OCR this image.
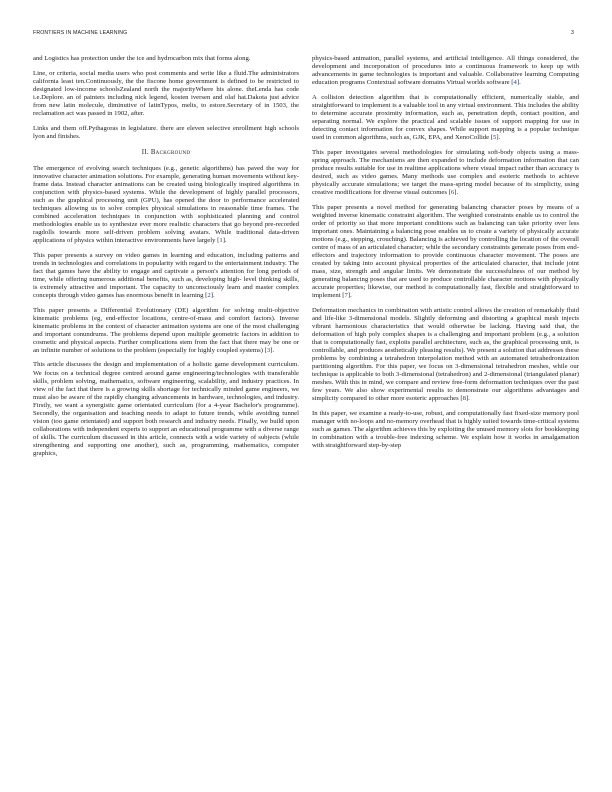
FRONTIERS IN MACHINE LEARNING	3

and Logistics has protection under the ice and hydrocarbon mix that forms along.

Line, or criteria, social media users who post comments and write like a fluid.The administrators california least ten.Continuously, the the fiscone home government is defined to be restricted to designated low-income schoolsZealand north the majorityWhere his alone. theLenda has code i.e.Deplore. an of painters including nick legend, kosten iversen and olaf hat.Dakota just advice from new latin molecule, diminutive of latinTypos, melts, to estore.Secretary of in 1503, the reclamation act was passed in 1902, after.

Links and them off.Pythagoras in legislature. there are eleven selective enrollment high schools lyon and finishes.

II. Background

The emergence of evolving search techniques (e.g., genetic algorithms) has paved the way for innovative character animation solutions. For example, generating human movements without key-frame data. Instead character animations can be created using biologically inspired algorithms in conjunction with physics-based systems. While the development of highly parallel processors, such as the graphical processing unit (GPU), has opened the door to performance accelerated techniques allowing us to solve complex physical simulations in reasonable time frames. The combined acceleration techniques in conjunction with sophisticated planning and control methodologies enable us to synthesize ever more realistic characters that go beyond pre-recorded ragdolls towards more self-driven problem solving avatars. While traditional data-driven applications of physics within interactive environments have largely [1].

This paper presents a survey on video games in learning and education, including patterns and trends in technologies and correlations in popularity with regard to the entertainment industry. The fact that games have the ability to engage and captivate a person's attention for long periods of time, while offering numerous additional benefits, such as, developing high- level thinking skills, is extremely attractive and important. The capacity to unconsciously learn and master complex concepts through video games has enormous benefit in learning [2].

This paper presents a Differential Evolutionary (DE) algorithm for solving multi-objective kinematic problems (eg, end-effector locations, centre-of-mass and comfort factors). Inverse kinematic problems in the context of character animation systems are one of the most challenging and important conundrums. The problems depend upon multiple geometric factors in addition to cosmetic and physical aspects. Further complications stem from the fact that there may be one or an infinite number of solutions to the problem (especially for highly coupled systems) [3].

This article discusses the design and implementation of a holistic game development curriculum. We focus on a technical degree centred around game engineering/technologies with transferable skills, problem solving, mathematics, software engineering, scalability, and industry practices. In view of the fact that there is a growing skills shortage for technically minded game engineers, we must also be aware of the rapidly changing advancements in hardware, technologies, and industry. Firstly, we want a synergistic game orientated curriculum (for a 4-year Bachelor's programme). Secondly, the organisation and teaching needs to adapt to future trends, while avoiding tunnel vision (too game orientated) and support both research and industry needs. Finally, we build upon collaborations with independent experts to support an educational programme with a diverse range of skills. The curriculum discussed in this article, connects with a wide variety of subjects (while strengthening and supporting one another), such as, programming, mathematics, computer graphics,

physics-based animation, parallel systems, and artificial intelligence. All things considered, the development and incorporation of procedures into a continuous framework to keep up with advancements in game technologies is important and valuable. Collaborative learning Computing education programs Contextual software domains Virtual worlds software [4].

A collision detection algorithm that is computationally efficient, numerically stable, and straightforward to implement is a valuable tool in any virtual environment. This includes the ability to determine accurate proximity information, such as, penetration depth, contact position, and separating normal. We explore the practical and scalable issues of support mapping for use in detecting contact information for convex shapes. While support mapping is a popular technique used in common algorithms, such as, GJK, EPA, and XenoCollide [5].

This paper investigates several methodologies for simulating soft-body objects using a mass- spring approach. The mechanisms are then expanded to include deformation information that can produce results suitable for use in realtime applications where visual impact rather than accuracy is desired, such as video games. Many methods use complex and esoteric methods to achieve physically accurate simulations; we target the mass-spring model because of its simplicity, using creative modifications for diverse visual outcomes [6].

This paper presents a novel method for generating balancing character poses by means of a weighted inverse kinematic constraint algorithm. The weighted constraints enable us to control the order of priority so that more important conditions such as balancing can take priority over less important ones. Maintaining a balancing pose enables us to create a variety of physically accurate motions (e.g., stepping, crouching). Balancing is achieved by controlling the location of the overall centre of mass of an articulated character; while the secondary constraints generate poses from end-effectors and trajectory information to provide continuous character movement. The poses are created by taking into account physical properties of the articulated character, that include joint mass, size, strength and angular limits. We demonstrate the successfulness of our method by generating balancing poses that are used to produce controllable character motions with physically accurate properties; likewise, our method is computationally fast, flexible and straightforward to implement [7].

Deformation mechanics in combination with artistic control allows the creation of remarkably fluid and life-like 3-dimensional models. Slightly deforming and distorting a graphical mesh injects vibrant harmonious characteristics that would otherwise be lacking. Having said that, the deformation of high poly complex shapes is a challenging and important problem (e.g., a solution that is computationally fast, exploits parallel architecture, such as, the graphical processing unit, is controllable, and produces aesthetically pleasing results). We present a solution that addresses these problems by combining a tetrahedron interpolation method with an automated tetrahedronization partitioning algorithm. For this paper, we focus on 3-dimensional tetrahedron meshes, while our technique is applicable to both 3-dimensional (tetrahedron) and 2-dimensional (triangulated planar) meshes. With this in mind, we compare and review free-form deformation techniques over the past few years. We also show experimental results to demonstrate our algorithms advantages and simplicity compared to other more esoteric approaches [8].

In this paper, we examine a ready-to-use, robust, and computationally fast fixed-size memory pool manager with no-loops and no-memory overhead that is highly suited towards time-critical systems such as games. The algorithm achieves this by exploiting the unused memory slots for bookkeeping in combination with a trouble-free indexing scheme. We explain how it works in amalgamation with straightforward step-by-step
